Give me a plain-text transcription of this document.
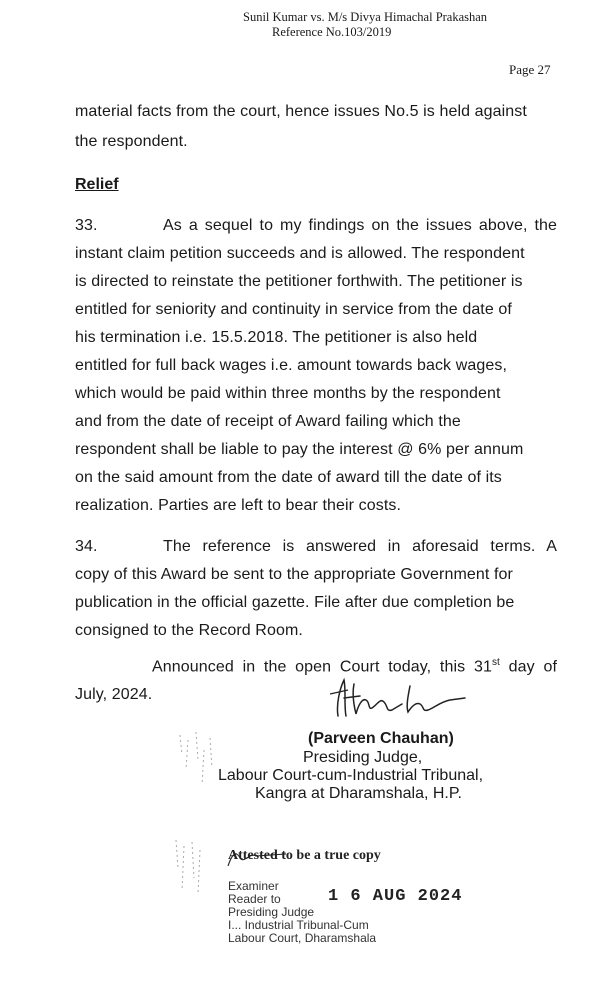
Sunil Kumar vs. M/s Divya Himachal Prakashan
Reference No.103/2019
Page 27
material facts from the court, hence issues No.5 is held against
the respondent.
Relief
33.	As a sequel to my findings on the issues above, the
instant claim petition succeeds and is allowed. The respondent
is directed to reinstate the petitioner forthwith. The petitioner is
entitled for seniority and continuity in service from the date of
his termination i.e. 15.5.2018. The petitioner is also held
entitled for full back wages i.e. amount towards back wages,
which would be paid within three months by the respondent
and from the date of receipt of Award failing which the
respondent shall be liable to pay the interest @ 6% per annum
on the said amount from the date of award till the date of its
realization. Parties are left to bear their costs.
34.	The reference is answered in aforesaid terms. A
copy of this Award be sent to the appropriate Government for
publication in the official gazette. File after due completion be
consigned to the Record Room.
Announced in the open Court today, this 31st day of
July, 2024.
(Parveen Chauhan)
Presiding Judge,
Labour Court-cum-Industrial Tribunal,
Kangra at Dharamshala, H.P.
Attested to be a true copy
Examiner
Reader to
Presiding Judge
I... Industrial Tribunal-Cum
Labour Court, Dharamshala
1 6 AUG 2024
